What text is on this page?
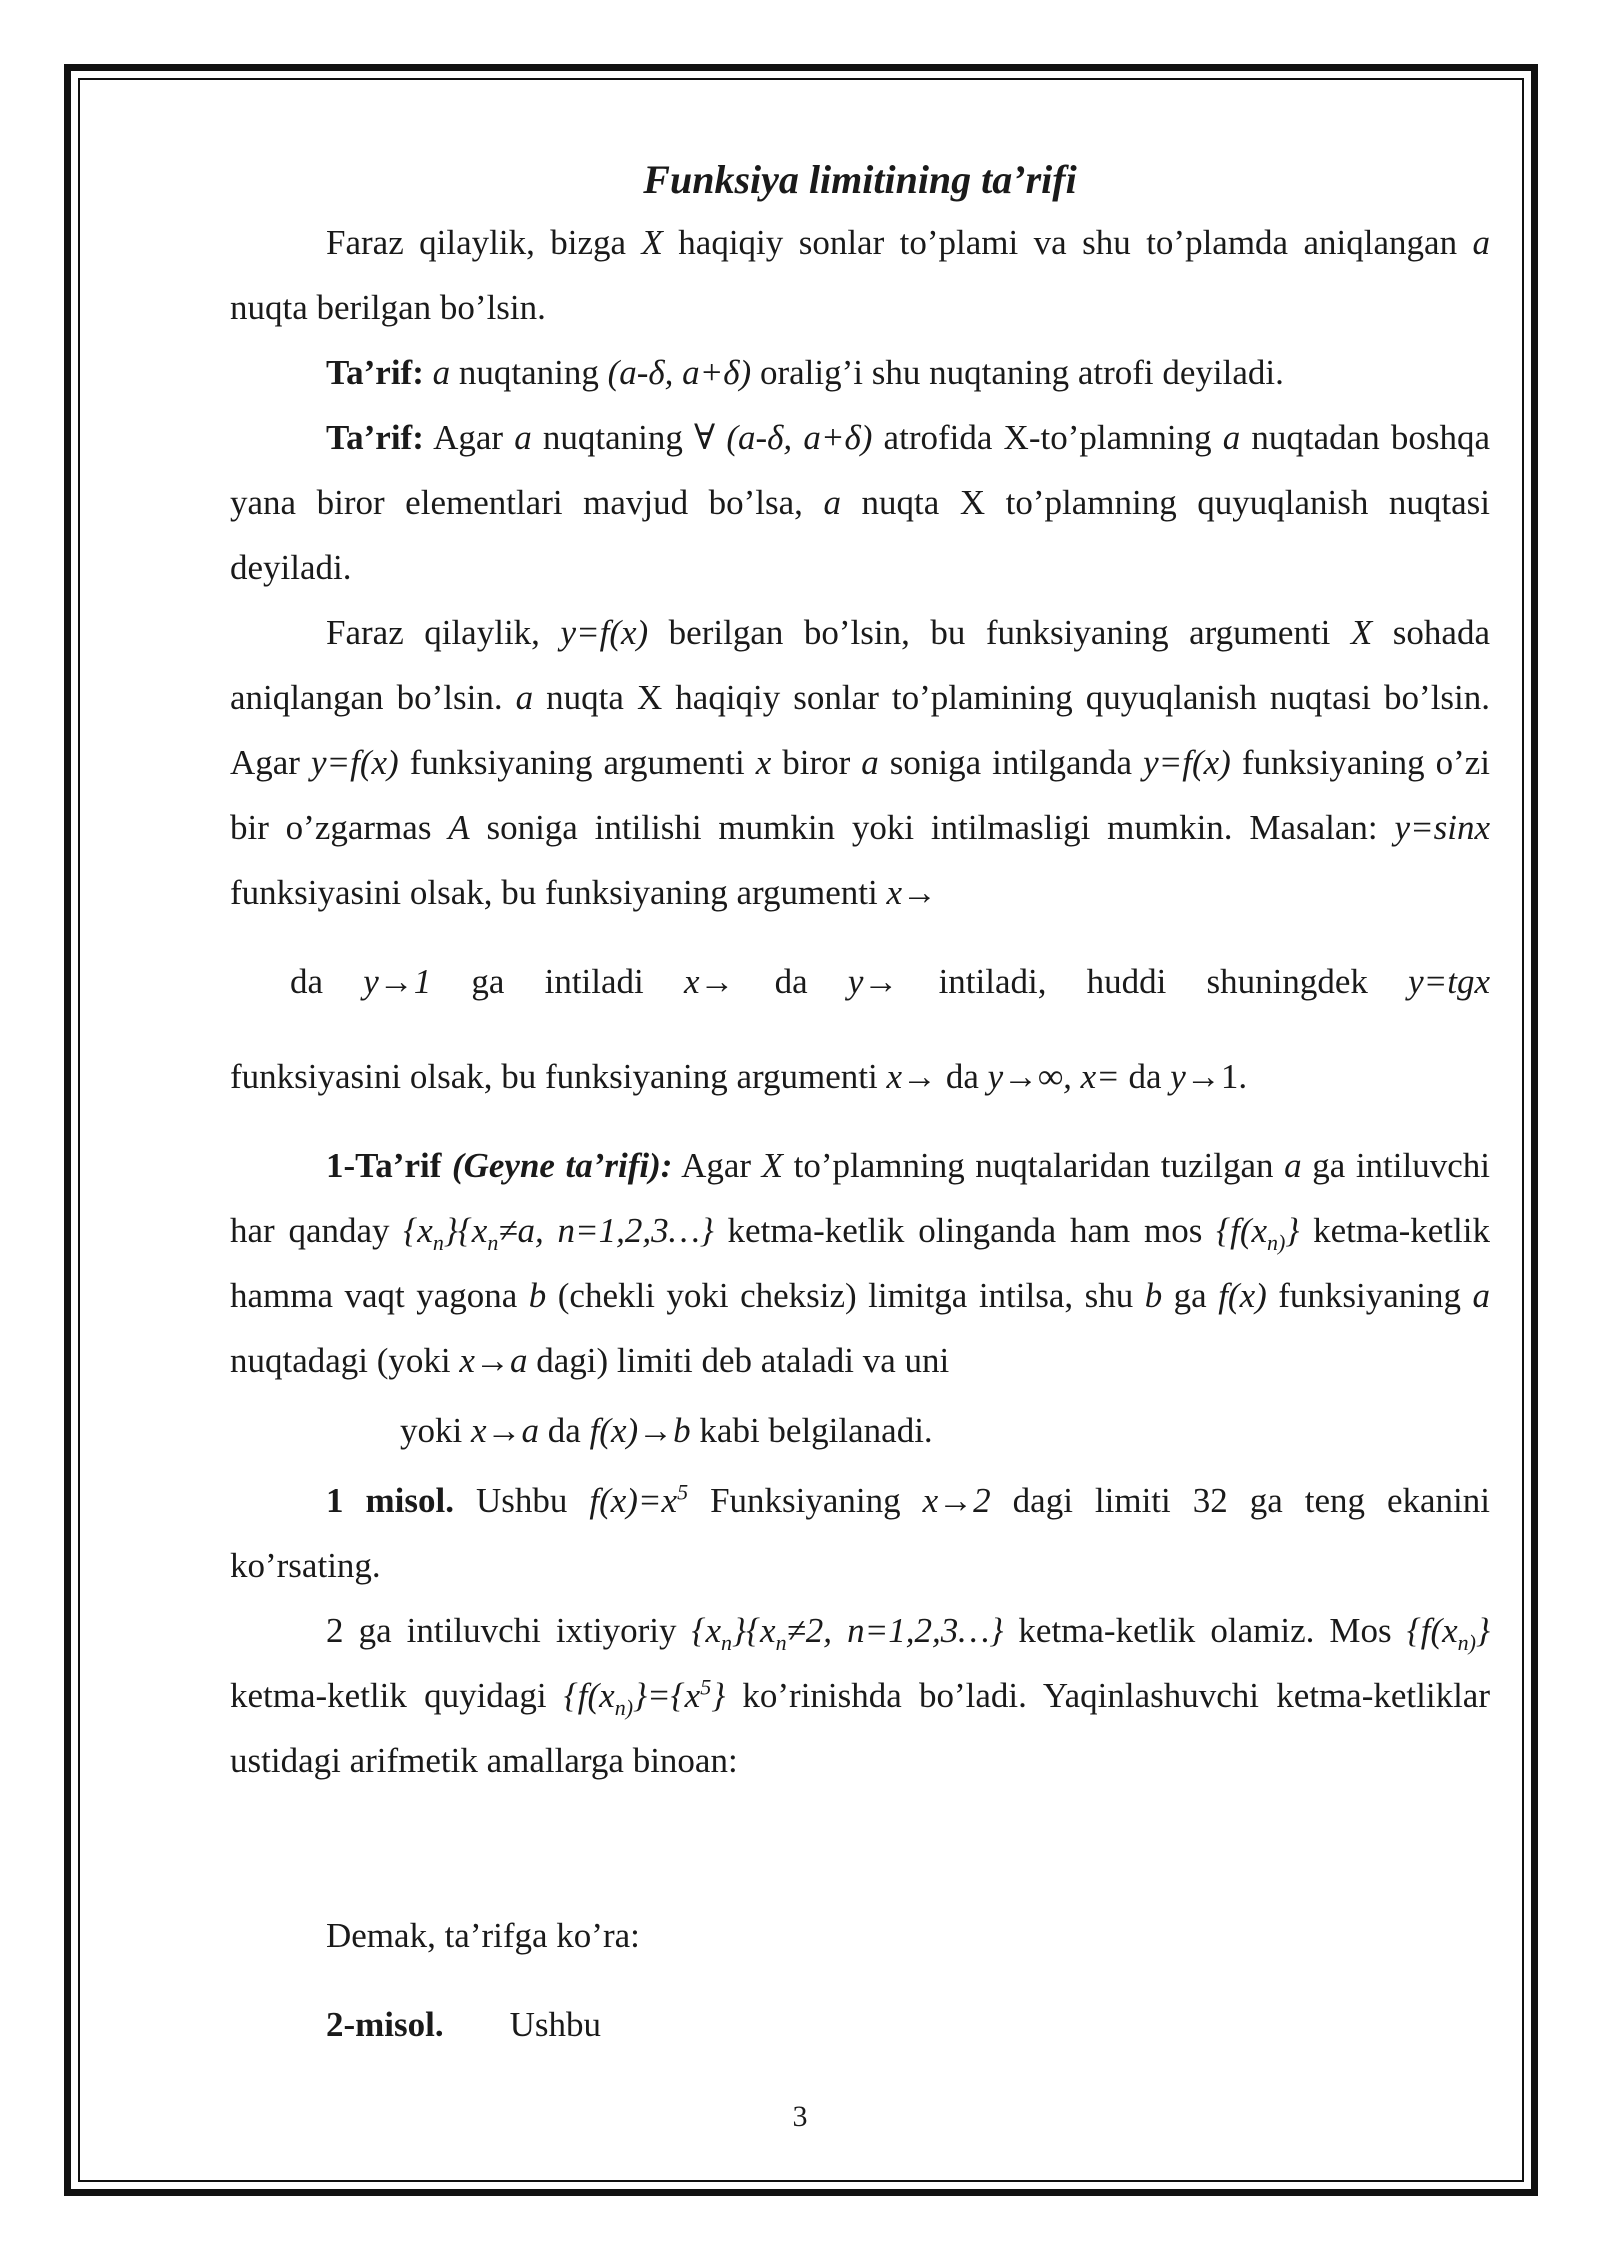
Funksiya limitining ta’rifi

Faraz qilaylik, bizga X haqiqiy sonlar to’plami va shu to’plamda aniqlangan a nuqta berilgan bo’lsin.

Ta’rif: a nuqtaning (a-δ, a+δ) oralig’i shu nuqtaning atrofi deyiladi.

Ta’rif: Agar a nuqtaning ∀ (a-δ, a+δ) atrofida X-to’plamning a nuqtadan boshqa yana biror elementlari mavjud bo’lsa, a nuqta X to’plamning quyuqlanish nuqtasi deyiladi.

Faraz qilaylik, y=f(x) berilgan bo’lsin, bu funksiyaning argumenti X sohada aniqlangan bo’lsin. a nuqta X haqiqiy sonlar to’plamining quyuqlanish nuqtasi bo’lsin. Agar y=f(x) funksiyaning argumenti x biror a soniga intilganda y=f(x) funksiyaning o’zi bir o’zgarmas A soniga intilishi mumkin yoki intilmasligi mumkin. Masalan: y=sinx funksiyasini olsak, bu funksiyaning argumenti x→

da y→1 ga intiladi x→ da y→ intiladi, huddi shuningdek y=tgx

funksiyasini olsak, bu funksiyaning argumenti x→ da y→∞, x= da y→1.

1-Ta’rif (Geyne ta’rifi): Agar X to’plamning nuqtalaridan tuzilgan a ga intiluvchi har qanday $\{x_n\}\{x_n\ne a$, n=1,2,3…} ketma-ketlik olinganda ham mos {$f(x_{n)}\}$ ketma-ketlik hamma vaqt yagona b (chekli yoki cheksiz) limitga intilsa, shu b ga f(x) funksiyaning a nuqtadagi (yoki x→a dagi) limiti deb ataladi va uni

yoki x→a da f(x)→b kabi belgilanadi.

1 misol. Ushbu $f(x)=x^5$ Funksiyaning x→2 dagi limiti 32 ga teng ekanini ko’rsating.

2 ga intiluvchi ixtiyoriy $\{x_n\}\{x_n\ne 2$, n=1,2,3…} ketma-ketlik olamiz. Mos {$f(x_{n)}\}$ ketma-ketlik quyidagi {$f(x_{n)}\}=\{x^5\}$ ko’rinishda bo’ladi. Yaqinlashuvchi ketma-ketliklar ustidagi arifmetik amallarga binoan:

Demak, ta’rifga ko’ra:

2-misol. Ushbu

3
